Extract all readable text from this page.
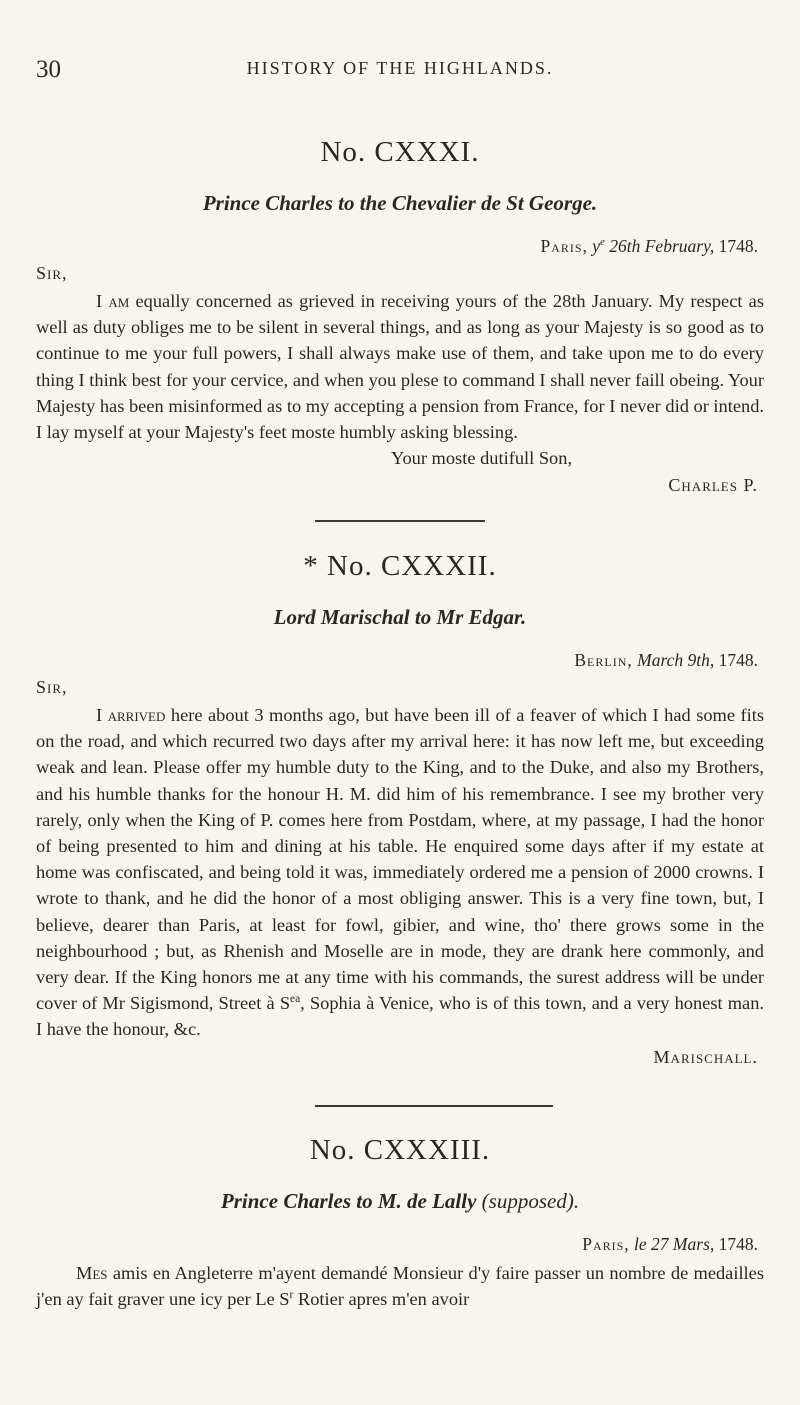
30	HISTORY OF THE HIGHLANDS.
No. CXXXI.
Prince Charles to the Chevalier de St George.
Paris, $y^e$ 26th February, 1748.
Sir,

I am equally concerned as grieved in receiving yours of the 28th January. My respect as well as duty obliges me to be silent in several things, and as long as your Majesty is so good as to continue to me your full powers, I shall always make use of them, and take upon me to do every thing I think best for your cervice, and when you plese to command I shall never faill obeing. Your Majesty has been misinformed as to my accepting a pension from France, for I never did or intend. I lay myself at your Majesty's feet moste humbly asking blessing.

Your moste dutifull Son,
Charles P.
* No. CXXXII.
Lord Marischal to Mr Edgar.
Berlin, March 9th, 1748.
Sir,

I arrived here about 3 months ago, but have been ill of a feaver of which I had some fits on the road, and which recurred two days after my arrival here: it has now left me, but exceeding weak and lean. Please offer my humble duty to the King, and to the Duke, and also my Brothers, and his humble thanks for the honour H. M. did him of his remembrance. I see my brother very rarely, only when the King of P. comes here from Postdam, where, at my passage, I had the honor of being presented to him and dining at his table. He enquired some days after if my estate at home was confiscated, and being told it was, immediately ordered me a pension of 2000 crowns. I wrote to thank, and he did the honor of a most obliging answer. This is a very fine town, but, I believe, dearer than Paris, at least for fowl, gibier, and wine, tho' there grows some in the neighbourhood ; but, as Rhenish and Moselle are in mode, they are drank here commonly, and very dear. If the King honors me at any time with his commands, the surest address will be under cover of Mr Sigismond, Street à $S^{ea}$, Sophia à Venice, who is of this town, and a very honest man. I have the honour, &c.

Marischall.
No. CXXXIII.
Prince Charles to M. de Lally (supposed).
Paris, le 27 Mars, 1748.

Mes amis en Angleterre m'ayent demandé Monsieur d'y faire passer un nombre de medailles j'en ay fait graver une icy per Le $S^r$ Rotier apres m'en avoir
